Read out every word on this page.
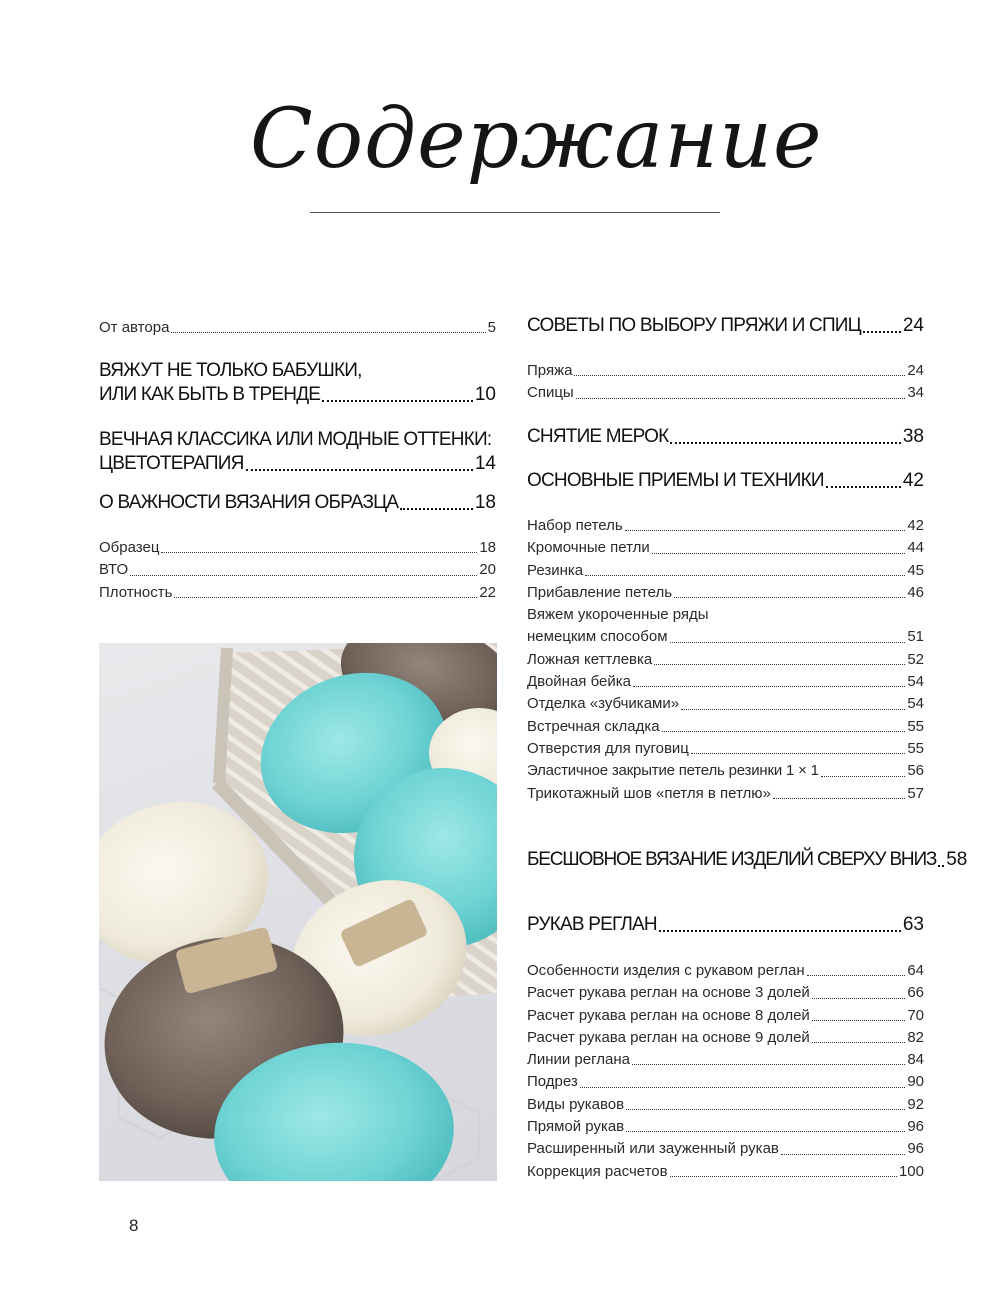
Содержание
От автора	5
ВЯЖУТ НЕ ТОЛЬКО БАБУШКИ,
ИЛИ КАК БЫТЬ В ТРЕНДЕ	10
ВЕЧНАЯ КЛАССИКА ИЛИ МОДНЫЕ ОТТЕНКИ:
ЦВЕТОТЕРАПИЯ	14
О ВАЖНОСТИ ВЯЗАНИЯ ОБРАЗЦА	18
Образец	18
ВТО	20
Плотность	22
СОВЕТЫ ПО ВЫБОРУ ПРЯЖИ И СПИЦ 24
Пряжа	24
Спицы	34
СНЯТИЕ МЕРОК	38
ОСНОВНЫЕ ПРИЕМЫ И ТЕХНИКИ	42
Набор петель	42
Кромочные петли	44
Резинка	45
Прибавление петель	46
Вяжем укороченные ряды
немецким способом	51
Ложная кеттлевка	52
Двойная бейка	54
Отделка «зубчиками»	54
Встречная складка	55
Отверстия для пуговиц	55
Эластичное закрытие петель резинки 1 × 1	56
Трикотажный шов «петля в петлю»	57
БЕСШОВНОЕ ВЯЗАНИЕ ИЗДЕЛИЙ СВЕРХУ ВНИЗ 58
РУКАВ РЕГЛАН	63
Особенности изделия с рукавом реглан	64
Расчет рукава реглан на основе 3 долей	66
Расчет рукава реглан на основе 8 долей	70
Расчет рукава реглан на основе 9 долей	82
Линии реглана	84
Подрез	90
Виды рукавов	92
Прямой рукав	96
Расширенный или зауженный рукав	96
Коррекция расчетов	100
8
